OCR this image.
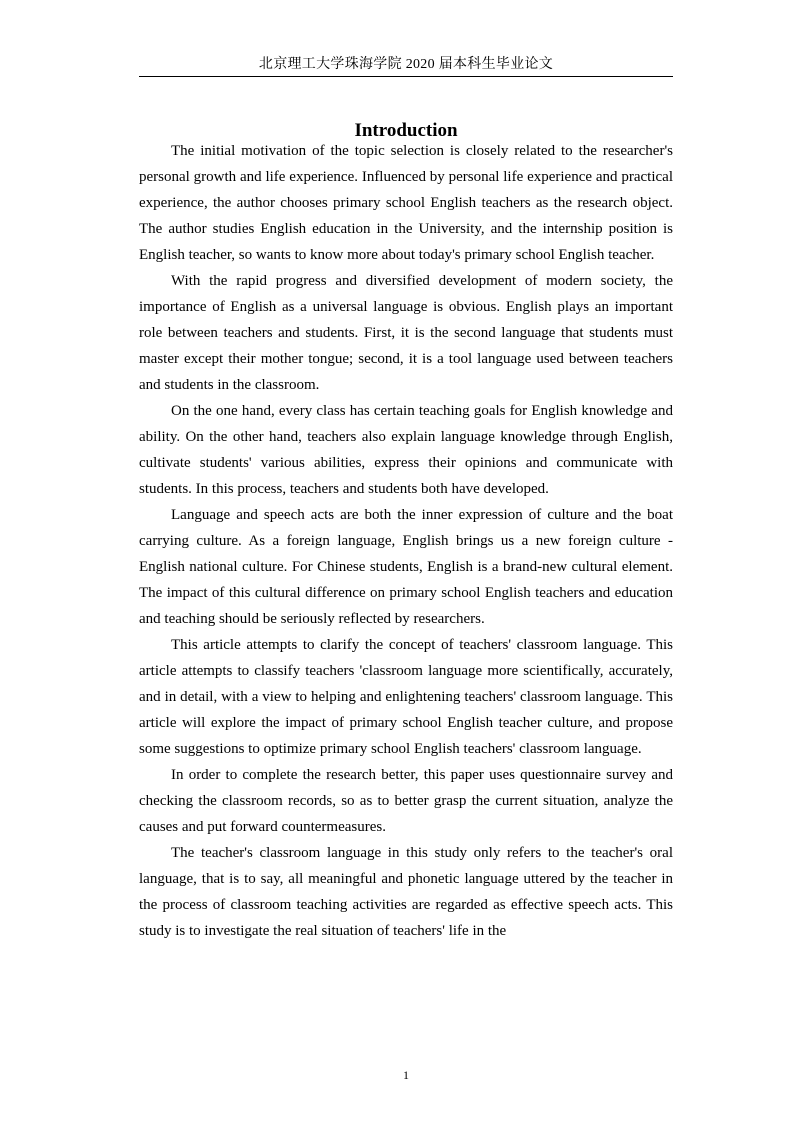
北京理工大学珠海学院 2020 届本科生毕业论文
Introduction

The initial motivation of the topic selection is closely related to the researcher's personal growth and life experience. Influenced by personal life experience and practical experience, the author chooses primary school English teachers as the research object. The author studies English education in the University, and the internship position is English teacher, so wants to know more about today's primary school English teacher.

With the rapid progress and diversified development of modern society, the importance of English as a universal language is obvious. English plays an important role between teachers and students. First, it is the second language that students must master except their mother tongue; second, it is a tool language used between teachers and students in the classroom.

On the one hand, every class has certain teaching goals for English knowledge and ability. On the other hand, teachers also explain language knowledge through English, cultivate students' various abilities, express their opinions and communicate with students. In this process, teachers and students both have developed.

Language and speech acts are both the inner expression of culture and the boat carrying culture. As a foreign language, English brings us a new foreign culture - English national culture. For Chinese students, English is a brand-new cultural element. The impact of this cultural difference on primary school English teachers and education and teaching should be seriously reflected by researchers.

This article attempts to clarify the concept of teachers' classroom language. This article attempts to classify teachers 'classroom language more scientifically, accurately, and in detail, with a view to helping and enlightening teachers' classroom language. This article will explore the impact of primary school English teacher culture, and propose some suggestions to optimize primary school English teachers' classroom language.

In order to complete the research better, this paper uses questionnaire survey and checking the classroom records, so as to better grasp the current situation, analyze the causes and put forward countermeasures.

The teacher's classroom language in this study only refers to the teacher's oral language, that is to say, all meaningful and phonetic language uttered by the teacher in the process of classroom teaching activities are regarded as effective speech acts. This study is to investigate the real situation of teachers' life in the

1
